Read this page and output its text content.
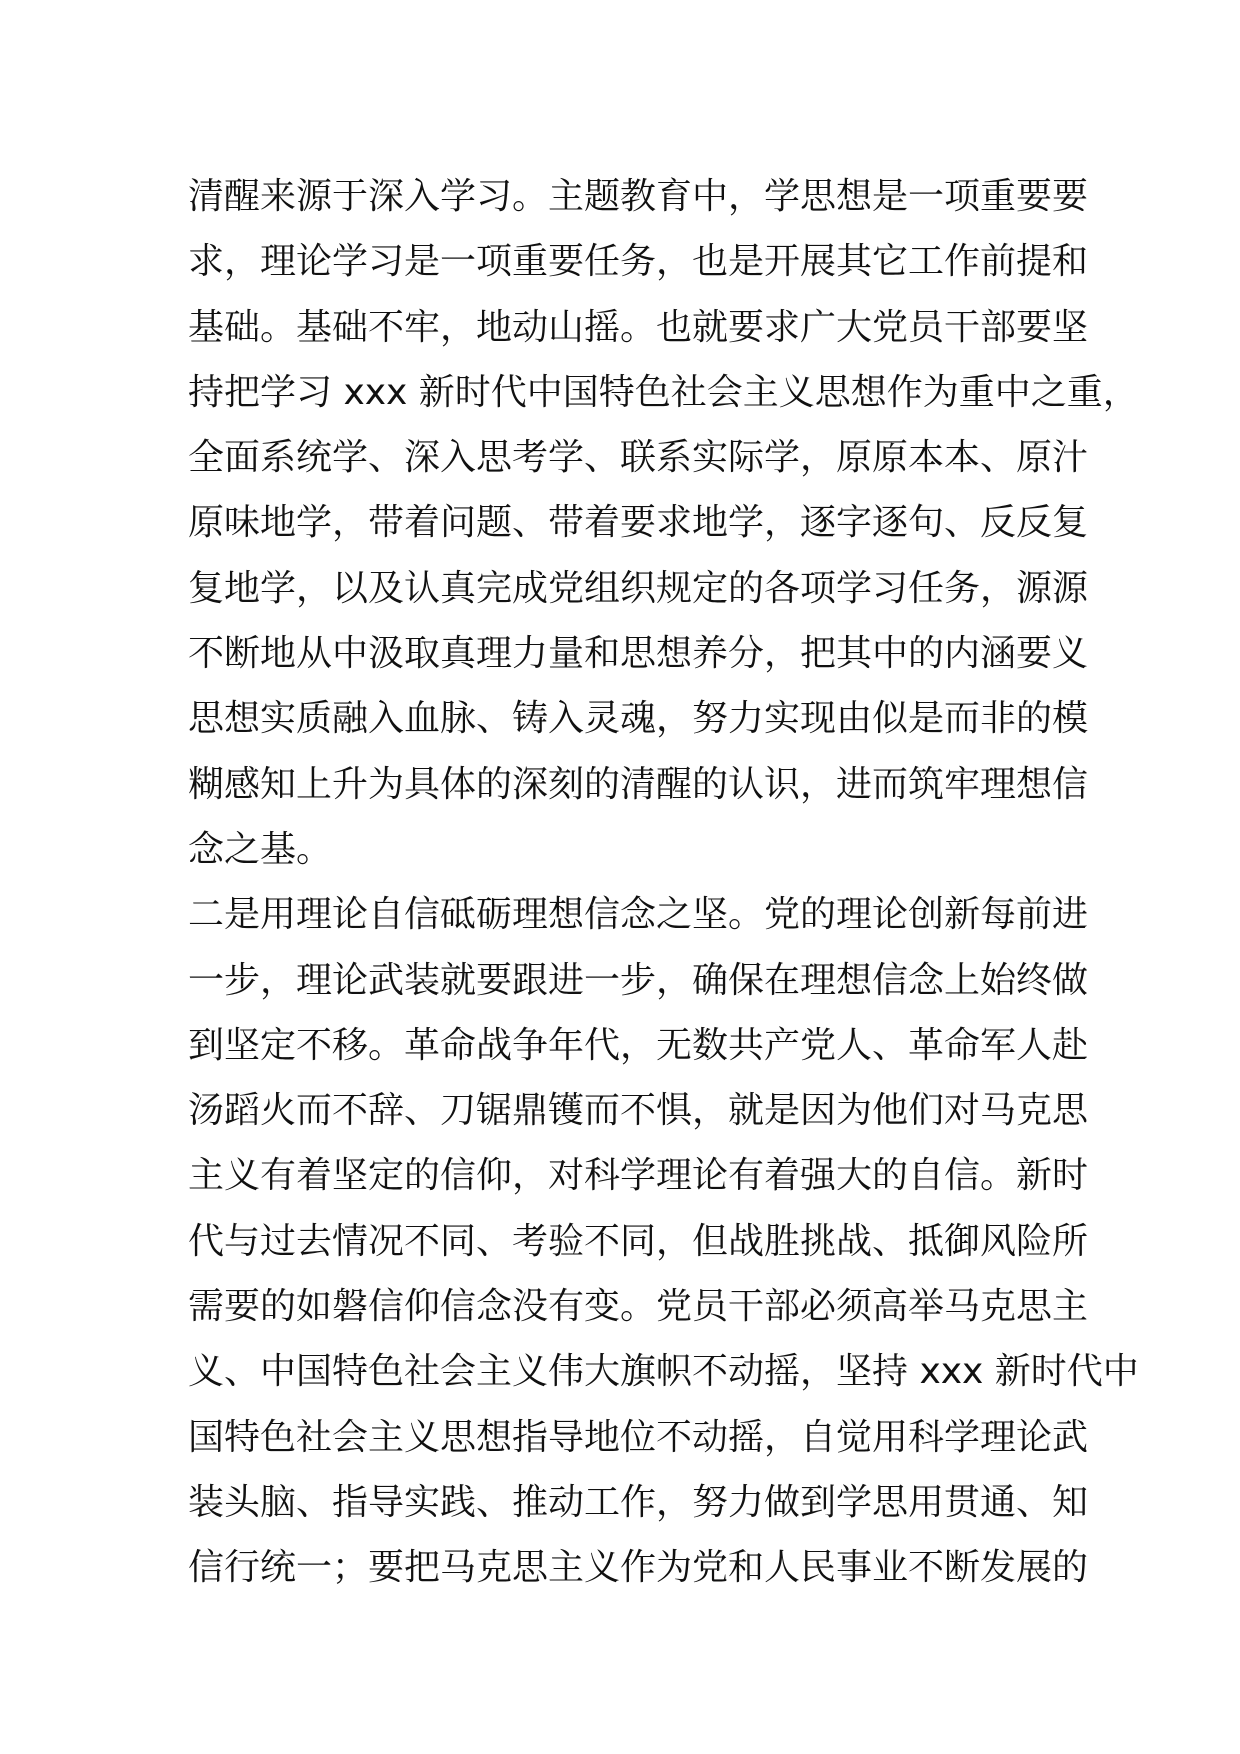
清醒来源于深入学习。主题教育中，学思想是一项重要要
求，理论学习是一项重要任务，也是开展其它工作前提和
基础。基础不牢，地动山摇。也就要求广大党员干部要坚
持把学习 xxx 新时代中国特色社会主义思想作为重中之重，
全面系统学、深入思考学、联系实际学，原原本本、原汁
原味地学，带着问题、带着要求地学，逐字逐句、反反复
复地学，以及认真完成党组织规定的各项学习任务，源源
不断地从中汲取真理力量和思想养分，把其中的内涵要义
思想实质融入血脉、铸入灵魂，努力实现由似是而非的模
糊感知上升为具体的深刻的清醒的认识，进而筑牢理想信
念之基。
二是用理论自信砥砺理想信念之坚。党的理论创新每前进
一步，理论武装就要跟进一步，确保在理想信念上始终做
到坚定不移。革命战争年代，无数共产党人、革命军人赴
汤蹈火而不辞、刀锯鼎镬而不惧，就是因为他们对马克思
主义有着坚定的信仰，对科学理论有着强大的自信。新时
代与过去情况不同、考验不同，但战胜挑战、抵御风险所
需要的如磐信仰信念没有变。党员干部必须高举马克思主
义、中国特色社会主义伟大旗帜不动摇，坚持 xxx 新时代中
国特色社会主义思想指导地位不动摇，自觉用科学理论武
装头脑、指导实践、推动工作，努力做到学思用贯通、知
信行统一；要把马克思主义作为党和人民事业不断发展的
